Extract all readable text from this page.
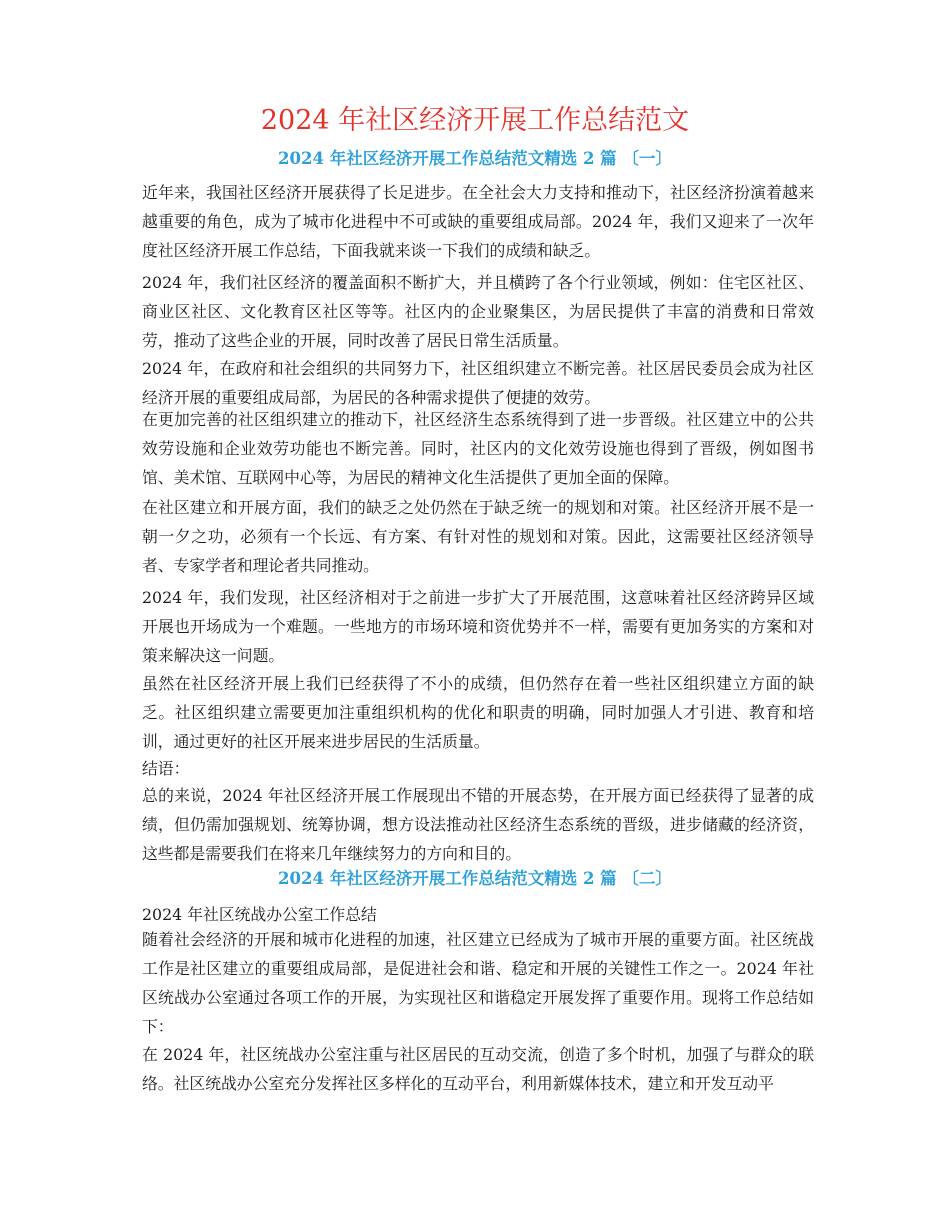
2024 年社区经济开展工作总结范文
2024 年社区经济开展工作总结范文精选 2 篇 〔一〕

近年来，我国社区经济开展获得了长足进步。在全社会大力支持和推动下，社区经济扮演着越来越重要的角色，成为了城市化进程中不可或缺的重要组成局部。2024 年，我们又迎来了一次年度社区经济开展工作总结，下面我就来谈一下我们的成绩和缺乏。

2024 年，我们社区经济的覆盖面积不断扩大，并且横跨了各个行业领域，例如：住宅区社区、商业区社区、文化教育区社区等等。社区内的企业聚集区，为居民提供了丰富的消费和日常效劳，推动了这些企业的开展，同时改善了居民日常生活质量。

2024 年，在政府和社会组织的共同努力下，社区组织建立不断完善。社区居民委员会成为社区经济开展的重要组成局部，为居民的各种需求提供了便捷的效劳。

在更加完善的社区组织建立的推动下，社区经济生态系统得到了进一步晋级。社区建立中的公共效劳设施和企业效劳功能也不断完善。同时，社区内的文化效劳设施也得到了晋级，例如图书馆、美术馆、互联网中心等，为居民的精神文化生活提供了更加全面的保障。

在社区建立和开展方面，我们的缺乏之处仍然在于缺乏统一的规划和对策。社区经济开展不是一朝一夕之功，必须有一个长远、有方案、有针对性的规划和对策。因此，这需要社区经济领导者、专家学者和理论者共同推动。

2024 年，我们发现，社区经济相对于之前进一步扩大了开展范围，这意味着社区经济跨异区域开展也开场成为一个难题。一些地方的市场环境和资优势并不一样，需要有更加务实的方案和对策来解决这一问题。

虽然在社区经济开展上我们已经获得了不小的成绩，但仍然存在着一些社区组织建立方面的缺乏。社区组织建立需要更加注重组织机构的优化和职责的明确，同时加强人才引进、教育和培训，通过更好的社区开展来进步居民的生活质量。

结语：

总的来说，2024 年社区经济开展工作展现出不错的开展态势，在开展方面已经获得了显著的成绩，但仍需加强规划、统筹协调，想方设法推动社区经济生态系统的晋级，进步储藏的经济资，这些都是需要我们在将来几年继续努力的方向和目的。

2024 年社区经济开展工作总结范文精选 2 篇 〔二〕

2024 年社区统战办公室工作总结

随着社会经济的开展和城市化进程的加速，社区建立已经成为了城市开展的重要方面。社区统战工作是社区建立的重要组成局部，是促进社会和谐、稳定和开展的关键性工作之一。2024 年社区统战办公室通过各项工作的开展，为实现社区和谐稳定开展发挥了重要作用。现将工作总结如下：

在 2024 年，社区统战办公室注重与社区居民的互动交流，创造了多个时机，加强了与群众的联络。社区统战办公室充分发挥社区多样化的互动平台，利用新媒体技术，建立和开发互动平
